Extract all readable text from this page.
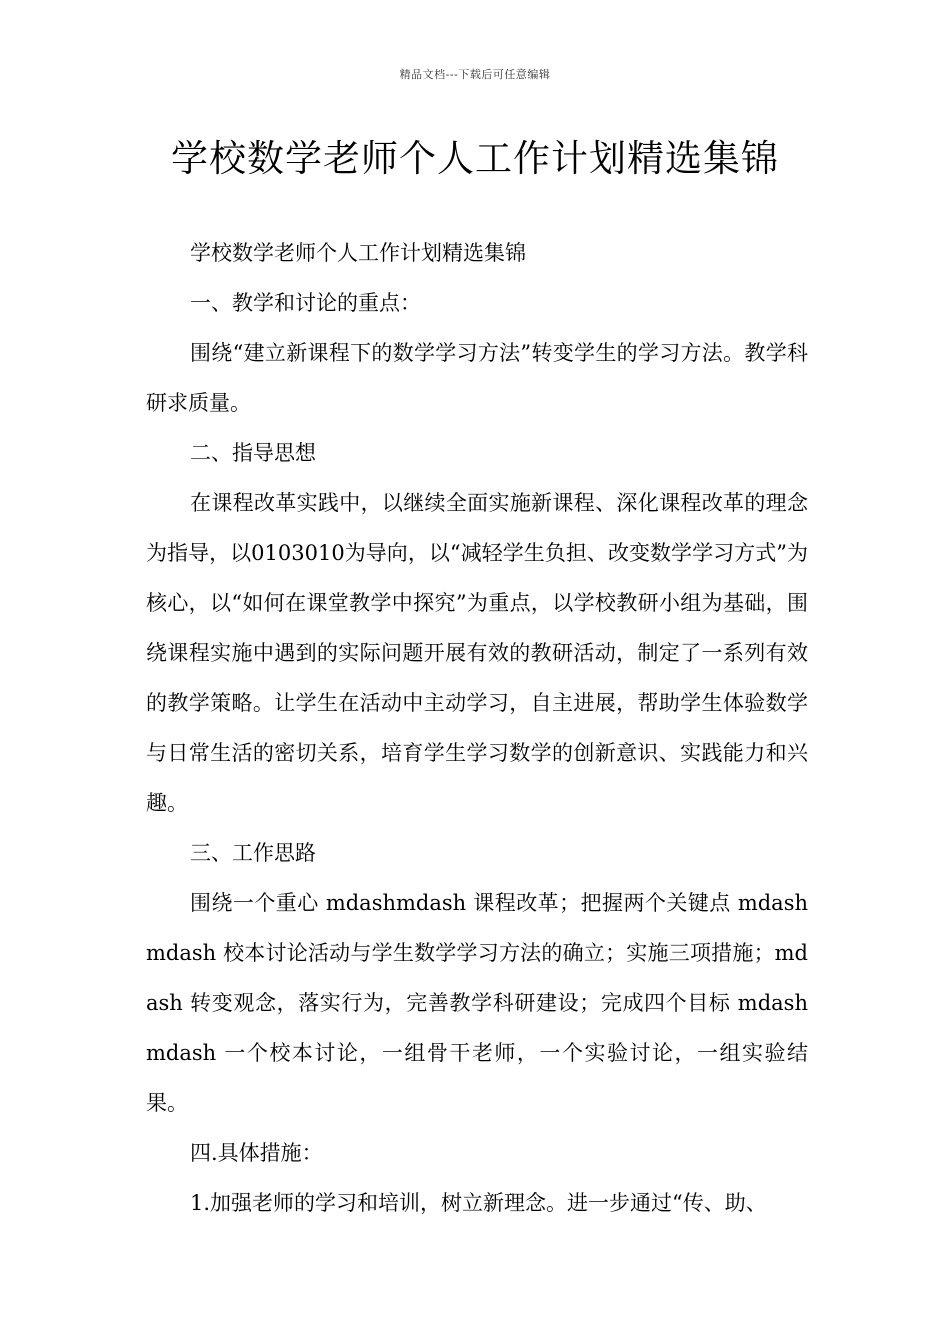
精品文档---下载后可任意编辑
学校数学老师个人工作计划精选集锦

学校数学老师个人工作计划精选集锦

一、教学和讨论的重点：

围绕“建立新课程下的数学学习方法”转变学生的学习方法。教学科研求质量。

二、指导思想

在课程改革实践中，以继续全面实施新课程、深化课程改革的理念为指导，以0103010为导向，以“减轻学生负担、改变数学学习方式”为核心，以“如何在课堂教学中探究”为重点，以学校教研小组为基础，围绕课程实施中遇到的实际问题开展有效的教研活动，制定了一系列有效的教学策略。让学生在活动中主动学习，自主进展，帮助学生体验数学与日常生活的密切关系，培育学生学习数学的创新意识、实践能力和兴趣。

三、工作思路

围绕一个重心 mdashmdash 课程改革；把握两个关键点 mdashmdash 校本讨论活动与学生数学学习方法的确立；实施三项措施；mdash 转变观念，落实行为，完善教学科研建设；完成四个目标 mdashmdash 一个校本讨论，一组骨干老师，一个实验讨论，一组实验结果。

四.具体措施：

1.加强老师的学习和培训，树立新理念。进一步通过“传、助、
